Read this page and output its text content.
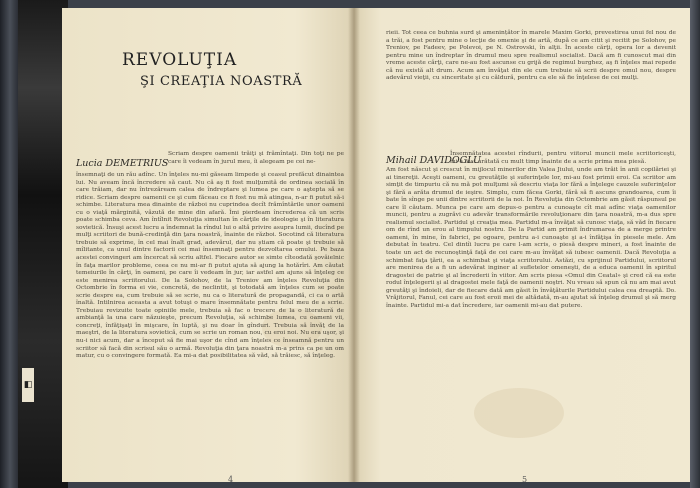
◧
REVOLUŢIA
ŞI CREAŢIA NOASTRĂ
Lucia DEMETRIUS
Scriam despre oamenii trăiţi şi frămîntaţi. Din toţi ne pe care îi vedeam în jurul meu, îi alegeam pe cei ne-
însemnaţi de un rău adînc. Un înţeles nu-mi găseam limpede şi ceasul prefăcut dinaintea lui. Nu aveam încă încredere să caut. Nu că aş fi fost mulţumită de ordinea socială în care trăiam, dar nu întrezăream calea de îndreptare şi lumea pe care o aştepta să se ridice. Scriam despre oamenii ce şi cum făceau ce fi fost nu mă atingea, n-ar fi putut să-i schimbe. Literatura mea dinainte de război nu cuprindea decît frămîntările unor oameni cu o viaţă mărginită, văzută de mine din afară. Îmi pierdeam încrederea că un scris poate schimba ceva. Am întîlnit Revoluţia simultan în cărţile de ideologie şi în literatura sovietică. Însuşi acest lucru a îndemnat la rîndul lui o altă privire asupra lumii, ducînd pe mulţi scriitori de bună-credinţă din ţara noastră, înainte de război. Socotind că literatura trebuie să exprime, în cel mai înalt grad, adevărul, dar nu știam că poate şi trebuie să mîlitante, ca unul dintre factorii cei mai însemnaţi pentru dezvoltarea omului. Pe baza acestei convingeri am încercat să scriu altfel. Fiecare autor se simte cîteodată şovăielnic în faţa marilor probleme, ceea ce nu mi-ar fi putut ajuta să ajung la hotărîri. Am căutat temeiurile în cărţi, în oameni, pe care îi vedeam în jur, iar astfel am ajuns să înţeleg ce este menirea scriitorului. De la Solohov, de la Treniov am înţeles Revoluţia din Octombrie în forma ei vie, concretă, de neclintit, şi totodată am înţeles cum se poate scrie despre ea, cum trebuie să se scrie, nu ca o literatură de propagandă, ci ca o artă înaltă. Intilnirea aceasta a avut totuşi o mare însemnătate pentru felul meu de a scrie. Trebuiau revizuite toate opiniile mele, trebuia să fac o trecere de la o literatură de ambianţă la una care năzuieşte, precum Revoluţia, să schimbe lumea, cu oameni vii, concreţi, înfăţişaţi în mişcare, în luptă, şi nu doar în gînduri. Trebuia să învăţ de la maeştri, de la literatura sovietică, cum se scrie un roman nou, cu eroi noi. Nu era uşor, şi nu-i nici acum, dar a început să fie mai uşor de cînd am înţeles ce înseamnă pentru un scriitor să facă din scrisul său o armă. Revoluţia din ţara noastră m-a prins ca pe un om matur, cu o convingere formată. Ea mi-a dat posibilitatea să văd, să trăiesc, să înţeleg.
4
rieii. Tot ceea ce buhnia surd şi amenințător în marele Maxim Gorki, prevestirea unui fel nou de a trăi, a fost pentru mine o lecţie de omenie şi de artă, după ce am citit şi recitit pe Solohov, pe Treniov, pe Fadeev, pe Polevoi, pe N. Ostrovski, în alţii. În aceste cărţi, opera lor a devenit pentru mine un îndreptar în drumul meu spre realismul socialist. Dacă am fi cunoscut mai din vreme aceste cărţi, care ne-au fost ascunse cu grijă de regimul burghez, aş fi înţeles mai repede că nu există alt drum. Acum am învăţat din ele cum trebuie să scrii despre omul nou, despre adevărul vieţii, cu sinceritate şi cu căldură, pentru ca ele să fie înţelese de cei mulţi.
Mihail DAVIDOGLU
Însemnătatea acestei rîndurii, pentru viitorul muncii mele scriitoriceşti, mi-a fost arătată cu mult timp înainte de a scrie prima mea piesă.
Am fost născut şi crescut în mijlocul minerilor din Valea Jiului, unde am trăit în anii copilăriei şi ai tinereţii. Aceşti oameni, cu greutăţile şi suferinţele lor, mi-au fost primii eroi. Ca scriitor am simţit de timpuriu că nu mă pot mulţumi să descriu viaţa lor fără a înţelege cauzele suferinţelor şi fără a arăta drumul de ieşire. Simplu, cum făcea Gorki, fără să fi ascuns grandoarea, cum îi bate în sînge pe unii dintre scriitorii de la noi. În Revoluţia din Octombrie am găsit răspunsul pe care îl căutam. Munca pe care am depus-o pentru a cunoaşte cît mai adînc viaţa oamenilor muncii, pentru a zugrăvi cu adevăr transformările revoluţionare din ţara noastră, m-a dus spre realismul socialist. Partidul şi creaţia mea. Partidul m-a învăţat să cunosc viaţa, să văd în fiecare om de rînd un erou al timpului nostru. De la Partid am primit îndrumarea de a merge printre oameni, în mine, în fabrici, pe ogoare, pentru a-i cunoaşte şi a-i înfăţişa în piesele mele. Am debutat în teatru. Cel dintîi lucru pe care l-am scris, o piesă despre mineri, a fost înainte de toate un act de recunoştinţă faţă de cei care m-au învăţat să iubesc oamenii. Dacă Revoluţia a schimbat faţa ţării, ea a schimbat şi viaţa scriitorului. Astăzi, cu sprijinul Partidului, scriitorul are menirea de a fi un adevărat inginer al sufletelor omeneşti, de a educa oamenii în spiritul dragostei de patrie şi al încrederii în viitor. Am scris piesa «Omul din Ceatal» şi cred că ea este rodul înţelegerii şi al dragostei mele faţă de oamenii noştri. Nu vreau să spun că nu am mai avut greutăţi şi îndoieli, dar de fiecare dată am găsit în învăţăturile Partidului calea cea dreaptă. Do. Vrăjitorul, Fanul, cei care au fost eroii mei de altădată, m-au ajutat să înţeleg drumul şi să merg înainte. Partidul mi-a dat încredere, iar oamenii mi-au dat putere.
5
